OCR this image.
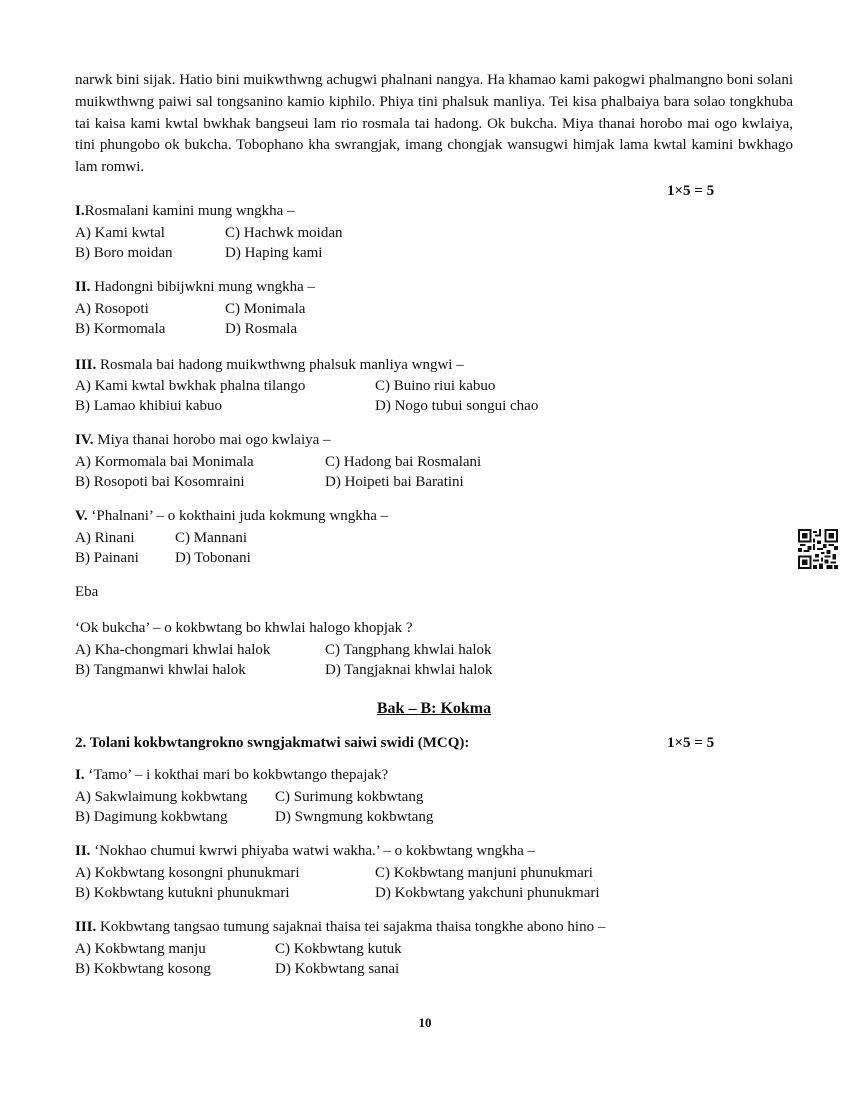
narwk bini sijak. Hatio bini muikwthwng achugwi phalnani nangya. Ha khamao kami pakogwi phalmangno boni solani muikwthwng paiwi sal tongsanino kamio kiphilo. Phiya tini phalsuk manliya. Tei kisa phalbaiya bara solao tongkhuba tai kaisa kami kwtal bwkhak bangseui lam rio rosmala tai hadong. Ok bukcha. Miya thanai horobo mai ogo kwlaiya, tini phungobo ok bukcha. Tobophano kha swrangjak, imang chongjak wansugwi himjak lama kwtal kamini bwkhago lam romwi.

1×5 = 5

I.Rosmalani kamini mung wngkha –

A) Kami kwtal	C) Hachwk moidan
B) Boro moidan	D) Haping kami

II. Hadongni bibijwkni mung wngkha –

A) Rosopoti	C) Monimala
B) Kormomala	D) Rosmala

III. Rosmala bai hadong muikwthwng phalsuk manliya wngwi –

A) Kami kwtal bwkhak phalna tilango	C) Buino riui kabuo
B) Lamao khibiui kabuo	D) Nogo tubui songui chao

IV. Miya thanai horobo mai ogo kwlaiya –

A) Kormomala bai Monimala	C) Hadong bai Rosmalani
B) Rosopoti bai Kosomraini	D) Hoipeti bai Baratini

V. ‘Phalnani’ – o kokthaini juda kokmung wngkha –

A) Rinani	C) Mannani
B) Painani D) Tobonani

Eba

‘Ok bukcha’ – o kokbwtang bo khwlai halogo khopjak ?

A) Kha-chongmari khwlai halok	C) Tangphang khwlai halok
B) Tangmanwi khwlai halok	D) Tangjaknai khwlai halok

Bak – B: Kokma

2. Tolani kokbwtangrokno swngjakmatwi saiwi swidi (MCQ):	1×5 = 5

I. ‘Tamo’ – i kokthai mari bo kokbwtango thepajak?

A) Sakwlaimung kokbwtang C) Surimung kokbwtang
B) Dagimung kokbwtang	D) Swngmung kokbwtang

II. ‘Nokhao chumui kwrwi phiyaba watwi wakha.’ – o kokbwtang wngkha –

A) Kokbwtang kosongni phunukmari	C) Kokbwtang manjuni phunukmari
B) Kokbwtang kutukni phunukmari	D) Kokbwtang yakchuni phunukmari

III. Kokbwtang tangsao tumung sajaknai thaisa tei sajakma thaisa tongkhe abono hino –

A) Kokbwtang manju	C) Kokbwtang kutuk
B) Kokbwtang kosong	D) Kokbwtang sanai
10
